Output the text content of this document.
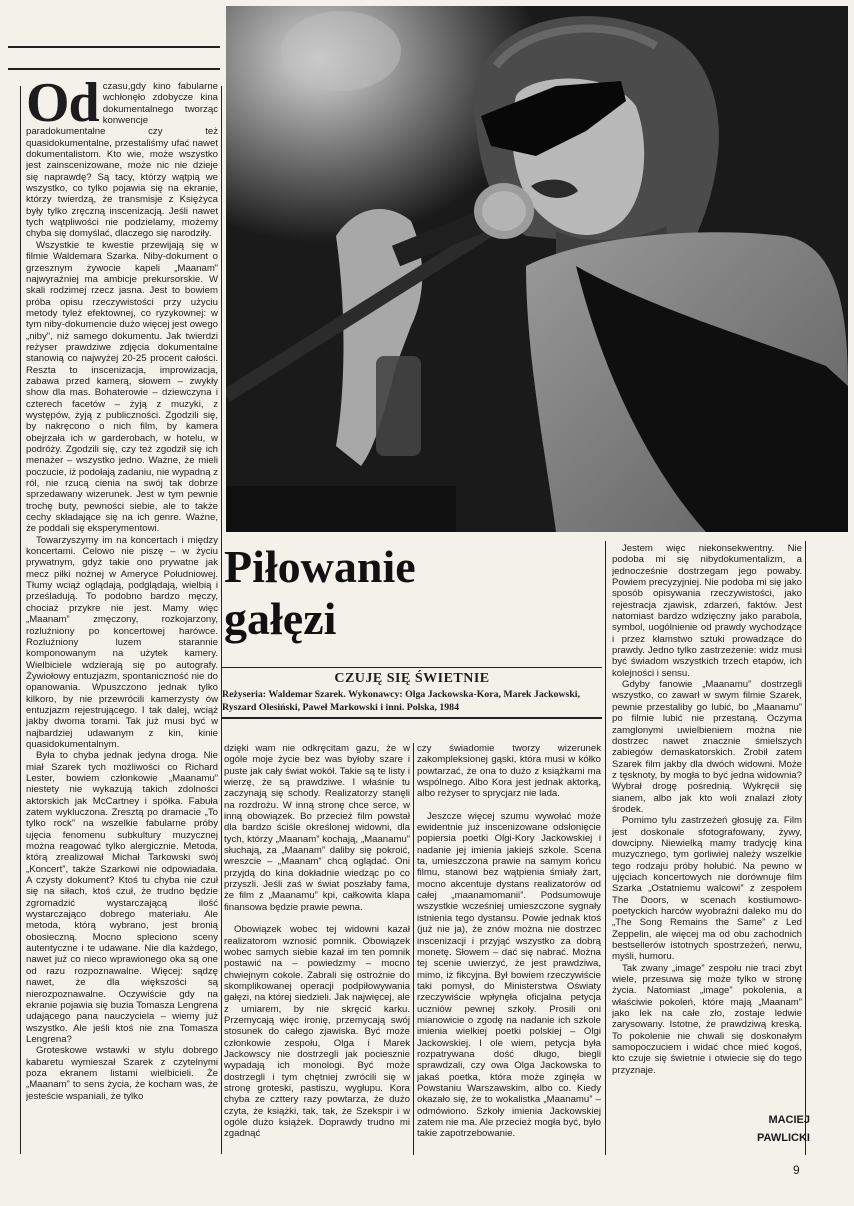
Od czasu,gdy kino fabularne wchłonęło zdobycze kina dokumentalnego tworząc konwencje paradokumentalne czy też quasidokumentalne, przestaliśmy ufać nawet dokumentalistom. Kto wie, może wszystko jest zainscenizowane, może nic nie dzieje się naprawdę? Są tacy, którzy wątpią we wszystko, co tylko pojawia się na ekranie, którzy twierdzą, że transmisje z Księżyca były tylko zręczną inscenizacją. Jeśli nawet tych wątpliwości nie podzielamy, możemy chyba się domyślać, dlaczego się narodziły.

Wszystkie te kwestie przewijają się w filmie Waldemara Szarka. Niby-dokument o grzesznym żywocie kapeli „Maanam” najwyraźniej ma ambicje prekursorskie. W skali rodzimej rzecz jasna. Jest to bowiem próba opisu rzeczywistości przy użyciu metody tyleż efektownej, co ryzykownej: w tym niby-dokumencie dużo więcej jest owego „niby”, niż samego dokumentu. Jak twierdzi reżyser prawdziwe zdjęcia dokumentalne stanowią co najwyżej 20-25 procent całości. Reszta to inscenizacja, improwizacja, zabawa przed kamerą, słowem – zwykły show dla mas. Bohaterowie – dziewczyna i czterech facetów – żyją z muzyki, z występów, żyją z publiczności. Zgodzili się, by nakręcono o nich film, by kamera obejrzała ich w garderobach, w hotelu, w podróży. Zgodzili się, czy też zgodził się ich menażer – wszystko jedno. Ważne, że mieli poczucie, iż podołają zadaniu, nie wypadną z ról, nie rzucą cienia na swój tak dobrze sprzedawany wizerunek. Jest w tym pewnie trochę buty, pewności siebie, ale to także cechy składające się na ich genre. Ważne, że poddali się eksperymentowi.

Towarzyszymy im na koncertach i między koncertami. Celowo nie piszę – w życiu prywatnym, gdyż takie ono prywatne jak mecz piłki nożnej w Ameryce Południowej. Tłumy wciąż oglądają, podglądają, wielbią i prześladują. To podobno bardzo męczy, chociaż przykre nie jest. Mamy więc „Maanam” zmęczony, rozkojarzony, rozluźniony po koncertowej harówce. Rozluźniony luzem starannie komponowanym na użytek kamery. Wielbiciele wdzierają się po autografy. Żywiołowy entuzjazm, spontaniczność nie do opanowania. Wpuszczono jednak tylko kilkoro, by nie przewrócili kamerzysty ów entuzjazm rejestrującego. I tak dalej, wciąż jakby dwoma torami. Tak już musi być w najbardziej udawanym z kin, kinie quasidokumentalnym.

Była to chyba jednak jedyna droga. Nie miał Szarek tych możliwości co Richard Lester, bowiem członkowie „Maanamu” niestety nie wykazują takich zdolności aktorskich jak McCartney i spółka. Fabuła zatem wykluczona. Zresztą po dramacie „To tylko rock” na wszelkie fabularne próby ujęcia fenomenu subkultury muzycznej można reagować tylko alergicznie. Metoda, którą zrealizował Michał Tarkowski swój „Koncert”, także Szarkowi nie odpowiadała. A czysty dokument? Ktoś tu chyba nie czuł się na siłach, ktoś czuł, że trudno będzie zgromadzić wystarczającą ilość wystarczająco dobrego materiału. Ale metoda, którą wybrano, jest bronią obosieczną. Mocno spleciono sceny autentyczne i te udawane. Nie dla każdego, nawet już co nieco wprawionego oka są one od razu rozpoznawalne. Więcej: sądzę nawet, że dla większości są nierozpoznawalne. Oczywiście gdy na ekranie pojawia się buzia Tomasza Lengrena udającego pana nauczyciela – wiemy już wszystko. Ale jeśli ktoś nie zna Tomasza Lengrena?

Groteskowe wstawki w stylu dobrego kabaretu wymieszał Szarek z czytelnymi poza ekranem listami wielbicieli. Że „Maanam” to sens życia, że kocham was, że jesteście wspaniali, że tylko

Piłowanie
gałęzi
CZUJĘ SIĘ ŚWIETNIE
Reżyseria: Waldemar Szarek. Wykonawcy: Olga Jackowska-Kora, Marek Jackowski, Ryszard Olesiński, Paweł Markowski i inni. Polska, 1984

dzięki wam nie odkręcitam gazu, że w ogóle moje życie bez was byłoby szare i puste jak cały świat wokół. Takie są te listy i wierzę, że są prawdziwe. I właśnie tu zaczynają się schody. Realizatorzy stanęli na rozdrożu. W inną stronę chce serce, w inną obowiązek. Bo przecież film powstał dla bardzo ściśle określonej widowni, dla tych, którzy „Maanam” kochają, „Maanamu” słuchają, za „Maanam” daliby się pokroić, wreszcie – „Maanam” chcą oglądać. Oni przyjdą do kina dokładnie wiedząc po co przyszli. Jeśli zaś w świat poszłaby fama, że film z „Maanamu” kpi, całkowita klapa finansowa będzie prawie pewna.

Obowiązek wobec tej widowni kazał realizatorom wznosić pomnik. Obowiązek wobec samych siebie kazał im ten pomnik postawić na – powiedzmy – mocno chwiejnym cokole. Zabrali się ostrożnie do skomplikowanej operacji podpiłowywania gałęzi, na której siedzieli. Jak najwięcej, ale z umiarem, by nie skręcić karku. Przemycają więc ironię, przemycają swój stosunek do całego zjawiska. Być może członkowie zespołu, Olga i Marek Jackowscy nie dostrzegli jak pociesznie wypadają ich monologi. Być może dostrzegli i tym chętniej zwrócili się w stronę groteski, pastiszu, wygłupu. Kora chyba ze czttery razy powtarza, że dużo czyta, że książki, tak, tak, że Szekspir i w ogóle dużo książek. Doprawdy trudno mi zgadnąć

czy świadomie tworzy wizerunek zakompleksionej gąski, która musi w kółko powtarzać, że ona to dużo z książkami ma wspólnego. Albo Kora jest jednak aktorką, albo reżyser to sprycjarz nie lada.

Jeszcze więcej szumu wywołać może ewidentnie już inscenizowane odsłonięcie popiersia poetki Olgi-Kory Jackowskiej i nadanie jej imienia jakiejś szkole. Scena ta, umieszczona prawie na samym końcu filmu, stanowi bez wątpienia śmiały żart, mocno akcentuje dystans realizatorów od całej „maanamomanii”. Podsumowuje wszystkie wcześniej umieszczone sygnały istnienia tego dystansu. Powie jednak ktoś (już nie ja), że znów można nie dostrzec inscenizacji i przyjąć wszystko za dobrą monetę. Słowem – dać się nabrać. Można tej scenie uwierzyć, że jest prawdziwa, mimo, iż fikcyjna. Był bowiem rzeczywiście taki pomysł, do Ministerstwa Oświaty rzeczywiście wpłynęła oficjalna petycja uczniów pewnej szkoły. Prosili oni mianowicie o zgodę na nadanie ich szkole imienia wielkiej poetki polskiej – Olgi Jackowskiej. I ole wiem, petycja była rozpatrywana dość długo, biegli sprawdzali, czy owa Olga Jackowska to jakaś poetka, która może zginęła w Powstaniu Warszawskim, albo co. Kiedy okazało się, że to wokalistka „Maanamu” – odmówiono. Szkoły imienia Jackowskiej zatem nie ma. Ale przecież mogła być, było takie zapotrzebowanie.

Jestem więc niekonsekwentny. Nie podoba mi się nibydokumentalizm, a jednocześnie dostrzegam jego powaby. Powiem precyzyjniej. Nie podoba mi się jako sposób opisywania rzeczywistości, jako rejestracja zjawisk, zdarzeń, faktów. Jest natomiast bardzo wdzięczny jako parabola, symbol, uogólnienie od prawdy wychodzące i przez kłamstwo sztuki prowadzące do prawdy. Jedno tylko zastrzeżenie: widz musi być świadom wszystkich trzech etapów, ich kolejności i sensu.

Gdyby fanowie „Maanamu” dostrzegli wszystko, co zawarł w swym filmie Szarek, pewnie przestaliby go lubić, bo „Maanamu” po filmie lubić nie przestaną. Oczyma zamglonymi uwielbieniem można nie dostrzec nawet znacznie śmielszych zabiegów demaskatorskich. Zrobił zatem Szarek film jakby dla dwóch widowni. Może z tęsknoty, by mogła to być jedna widownia? Wybrał drogę pośrednią. Wykręcił się sianem, albo jak kto woli znalazł złoty środek.

Pomimo tylu zastrzeżeń głosuję za. Film jest doskonale sfotografowany, żywy, dowcipny. Niewielką mamy tradycję kina muzycznego, tym gorliwiej należy wszelkie tego rodzaju próby hołubić. Na pewno w ujęciach koncertowych nie dorównuje film Szarka „Ostatniemu walcowi” z zespołem The Doors, w scenach kostiumowo-poetyckich harców wyobraźni daleko mu do „The Song Remains the Same” z Led Zeppelin, ale więcej ma od obu zachodnich bestsellerów istotnych spostrzeżeń, nerwu, myśli, humoru.

Tak zwany „image” zespołu nie traci zbyt wiele, przesuwa się może tylko w stronę życia. Natomiast „image” pokolenia, a właściwie pokoleń, które mają „Maanam” jako lek na całe zło, zostaje ledwie zarysowany. Istotne, że prawdziwą kreską. To pokolenie nie chwali się doskonałym samopoczuciem i widać chce mieć kogoś, kto czuje się świetnie i otwiecie się do tego przyznaje.

MACIEJ
PAWLICKI
9
